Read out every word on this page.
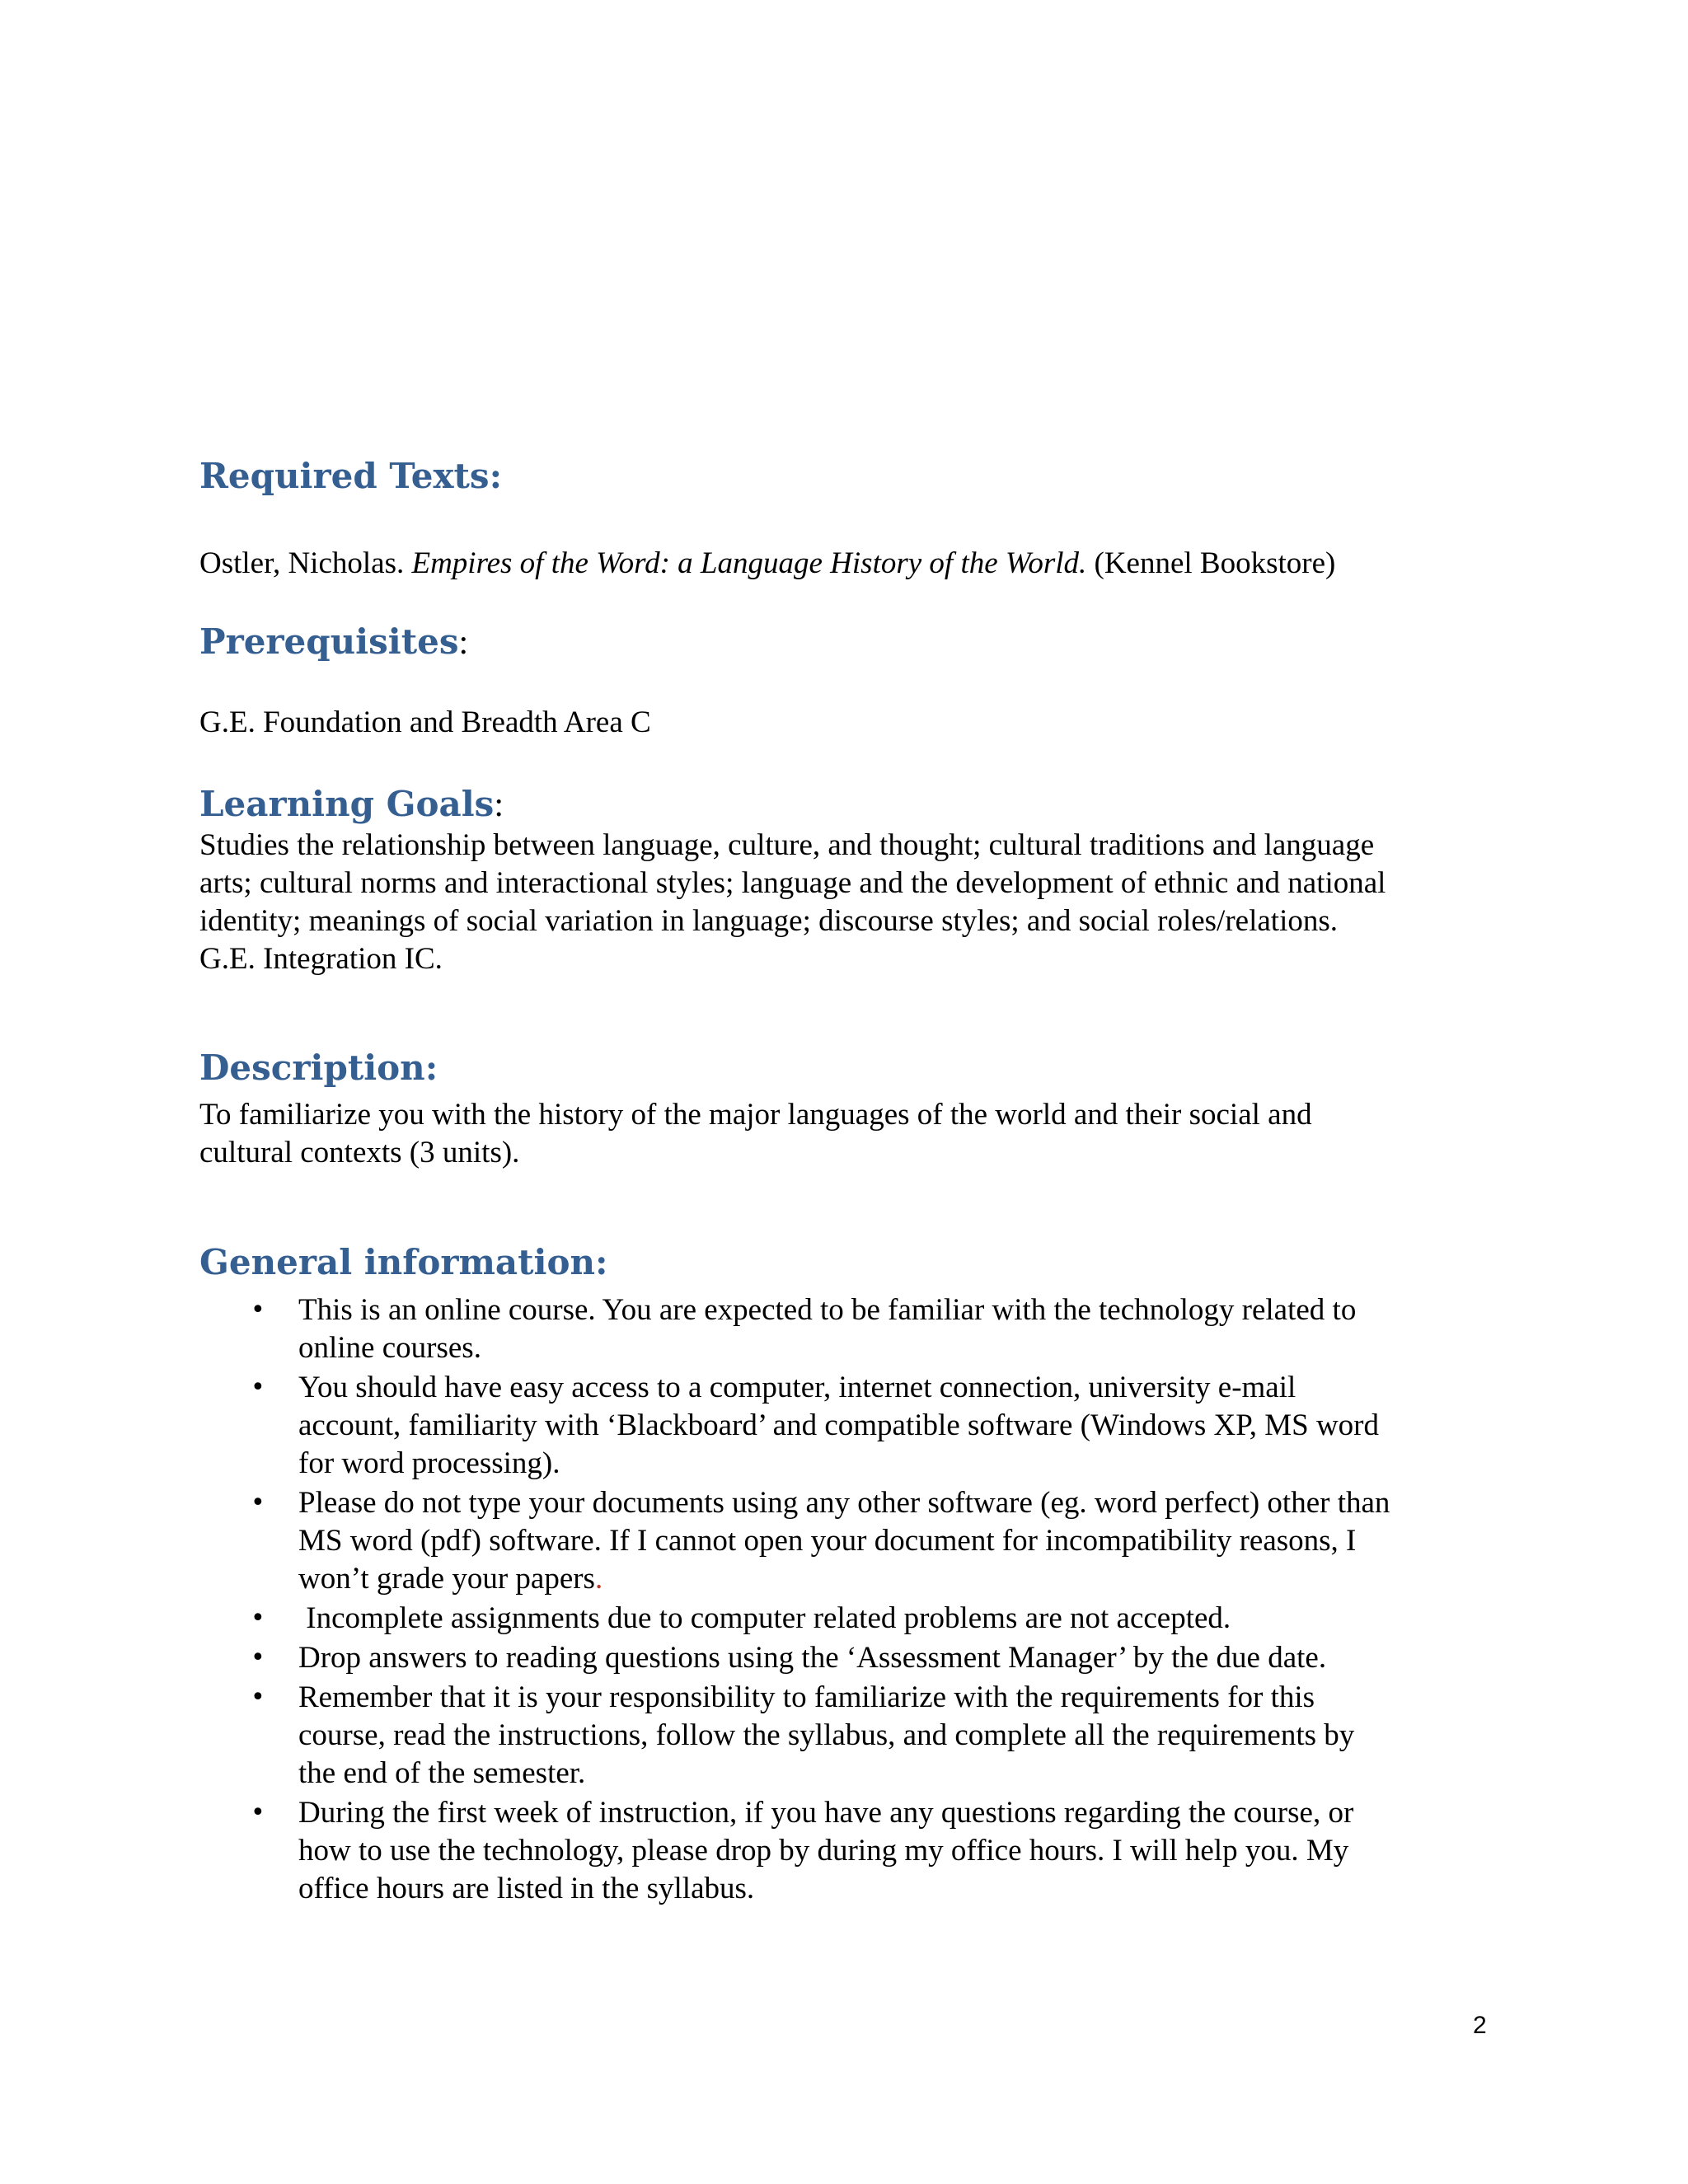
Required Texts:

Ostler, Nicholas. Empires of the Word: a Language History of the World. (Kennel Bookstore)

Prerequisites:

G.E. Foundation and Breadth Area C

Learning Goals:

Studies the relationship between language, culture, and thought; cultural traditions and language
arts; cultural norms and interactional styles; language and the development of ethnic and national
identity; meanings of social variation in language; discourse styles; and social roles/relations.
G.E. Integration IC.

Description:

To familiarize you with the history of the major languages of the world and their social and
cultural contexts (3 units).

General information:
• This is an online course. You are expected to be familiar with the technology related to
online courses.
• You should have easy access to a computer, internet connection, university e-mail
account, familiarity with ‘Blackboard’ and compatible software (Windows XP, MS word
for word processing).
• Please do not type your documents using any other software (eg. word perfect) other than
MS word (pdf) software. If I cannot open your document for incompatibility reasons, I
won’t grade your papers.
• Incomplete assignments due to computer related problems are not accepted.
• Drop answers to reading questions using the ‘Assessment Manager’ by the due date.
• Remember that it is your responsibility to familiarize with the requirements for this
course, read the instructions, follow the syllabus, and complete all the requirements by
the end of the semester.
• During the first week of instruction, if you have any questions regarding the course, or
how to use the technology, please drop by during my office hours. I will help you. My
office hours are listed in the syllabus.
2
